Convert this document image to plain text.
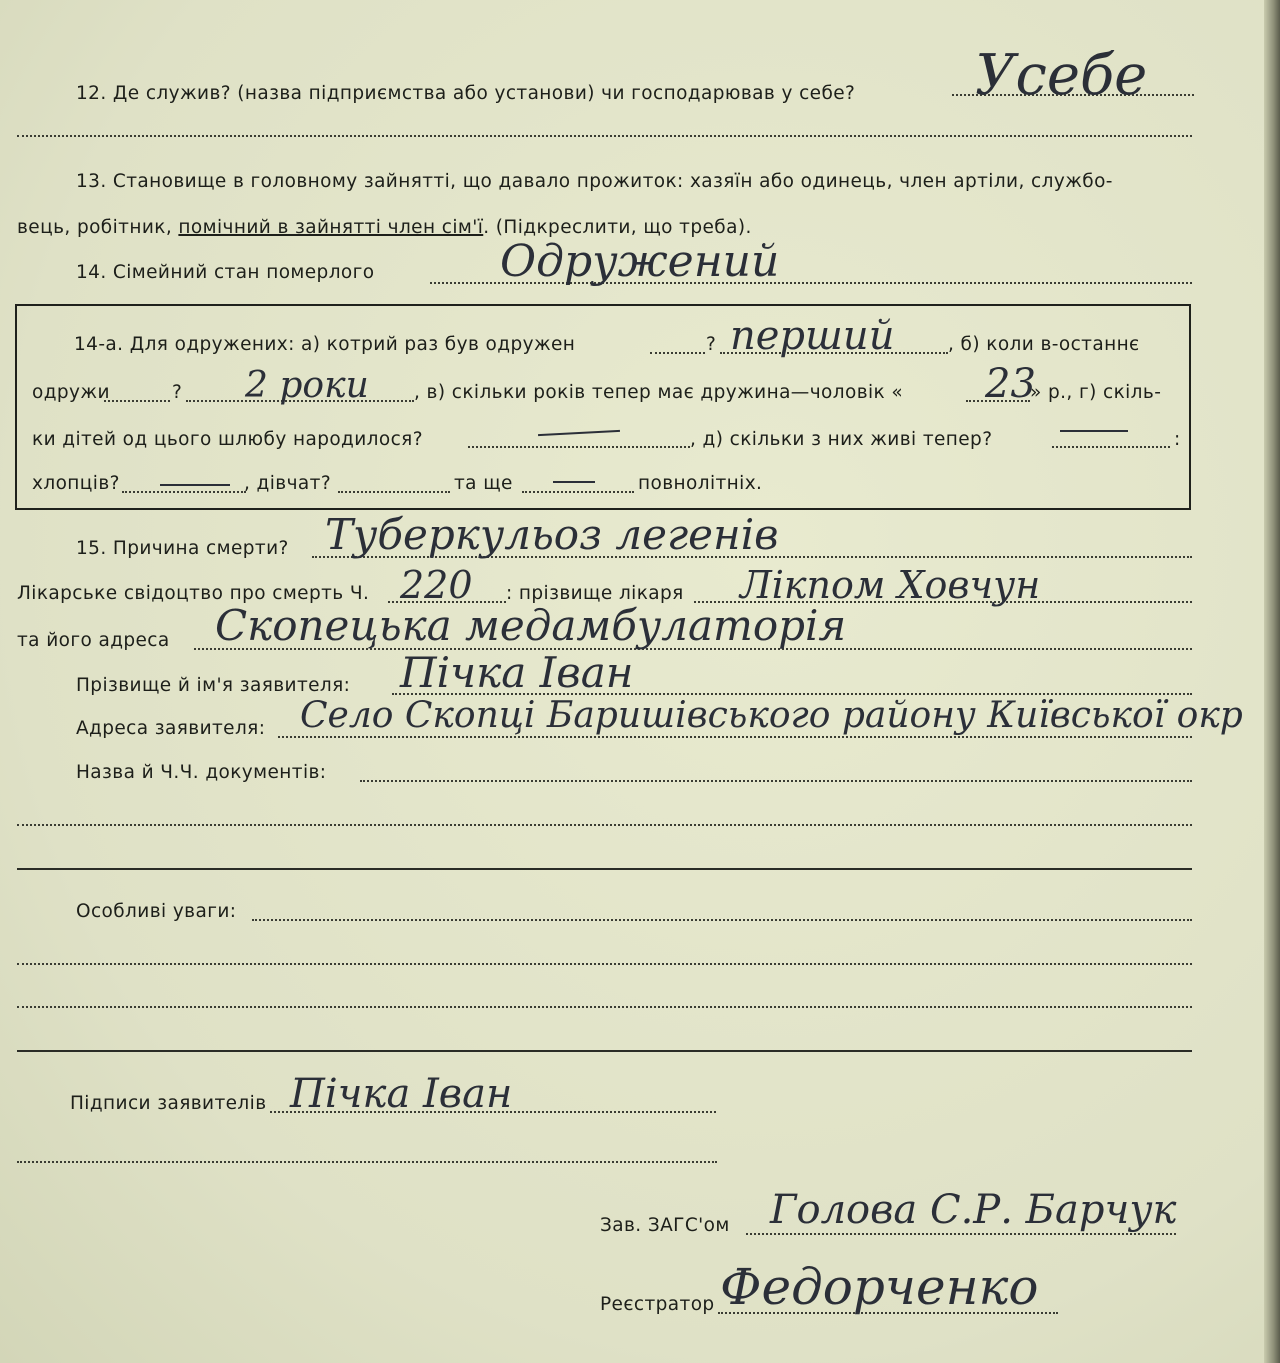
12. Де служив? (назва підприємства або установи) чи господарював у себе? Усебе
13. Становище в головному зайнятті, що давало прожиток: хазяїн або одинець, член артіли, службо-
вець, робітник, помічний в зайнятті член сім'ї. (Підкреслити, що треба).
14. Сімейний стан померлого	Одружений
14-а. Для одружених: а) котрий раз був одружен	? перший	, б) коли в-останнє
одружи	? 2 роки , в) скільки років тепер має дружина—чоловік « 23
» р., г) скіль-
ки дітей од цього шлюбу народилося?	, д) скільки з них живі тепер?	:
хлопців?	, дівчат?	та ще	повнолітніх.
15. Причина смерти? Туберкульоз легенів
Лікарське свідоцтво про смерть Ч. 220 : прізвище лікаря Лікпом Ховчун
та його адреса Скопецька медамбулаторія
Прізвище й ім'я заявителя: Пічка Іван
Адреса заявителя: Село Скопці Баришівського району Київської окр
Назва й Ч.Ч. документів:
Особливі уваги:
Підписи заявителів Пічка Іван
Зав. ЗАГС'ом Голова С.Р. Барчук
Реєстратор Федорченко
